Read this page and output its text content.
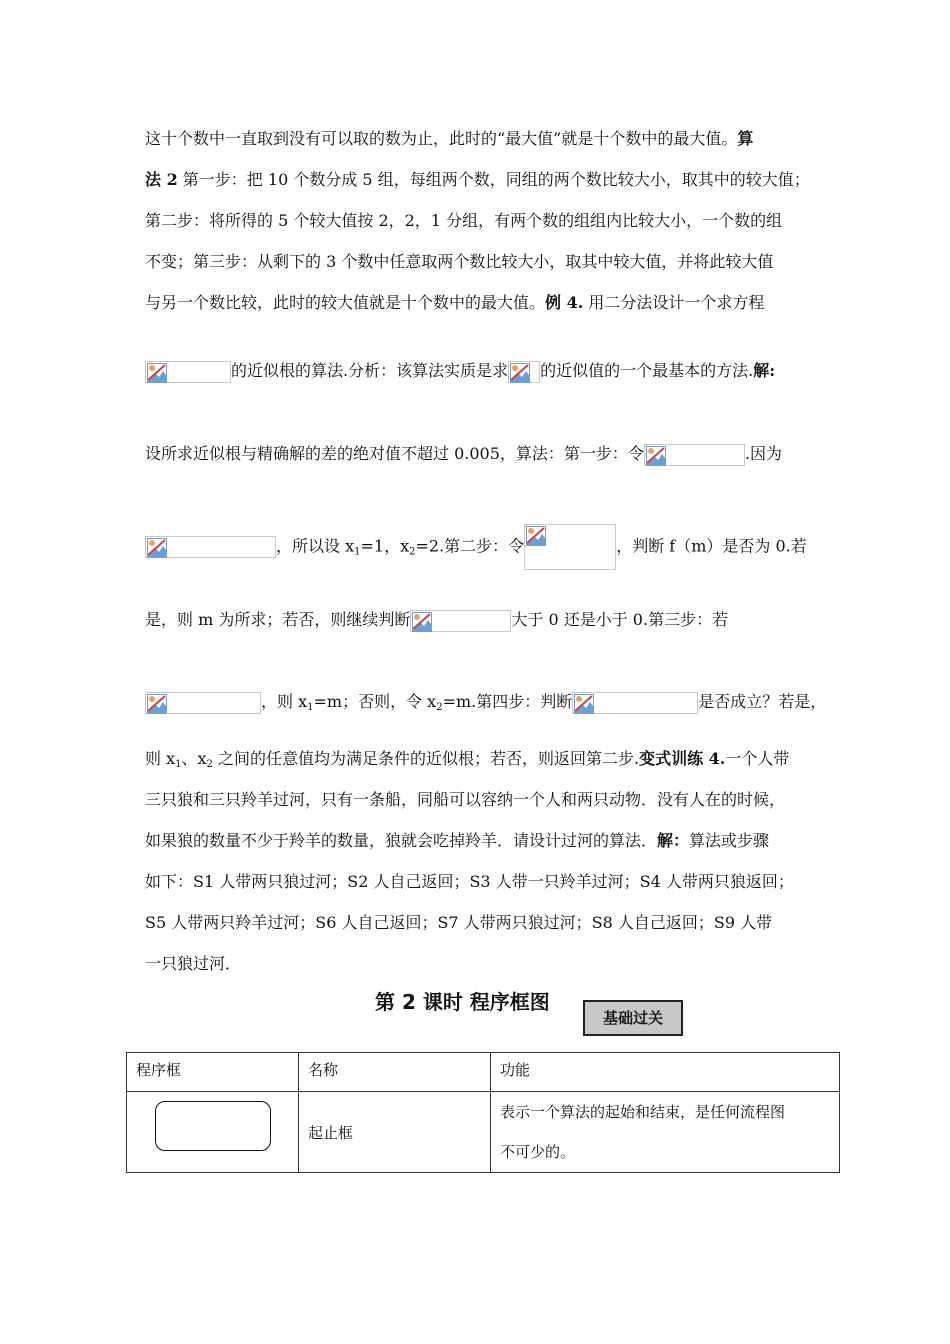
这十个数中一直取到没有可以取的数为止，此时的“最大值”就是十个数中的最大值。算
法 2 第一步：把 10 个数分成 5 组，每组两个数，同组的两个数比较大小，取其中的较大值；
第二步：将所得的 5 个较大值按 2，2，1 分组，有两个数的组组内比较大小，一个数的组
不变；第三步：从剩下的 3 个数中任意取两个数比较大小，取其中较大值，并将此较大值
与另一个数比较，此时的较大值就是十个数中的最大值。例 4. 用二分法设计一个求方程
的近似根的算法.分析：该算法实质是求 的近似值的一个最基本的方法.解:
设所求近似根与精确解的差的绝对值不超过 0.005，算法：第一步：令	.因为
，所以设 $x_1=1$，$x_2=2$.第二步：令	，判断 f（m）是否为 0.若
是，则 m 为所求；若否，则继续判断	大于 0 还是小于 0.第三步：若
，则 $x_1=m$；否则，令 $x_2=m$.第四步：判断	是否成立？若是，
则 $x_1$、$x_2$ 之间的任意值均为满足条件的近似根；若否，则返回第二步.变式训练 4.一个人带
三只狼和三只羚羊过河，只有一条船，同船可以容纳一个人和两只动物．没有人在的时候，
如果狼的数量不少于羚羊的数量，狼就会吃掉羚羊．请设计过河的算法．解：算法或步骤
如下：S1 人带两只狼过河；S2 人自己返回；S3 人带一只羚羊过河；S4 人带两只狼返回；
S5 人带两只羚羊过河；S6 人自己返回；S7 人带两只狼过河；S8 人自己返回；S9 人带
一只狼过河．
第 2 课时 程序框图
基础过关
程序框	名称	功能

	起止框	表示一个算法的起始和结束，是任何流程图
不可少的。
